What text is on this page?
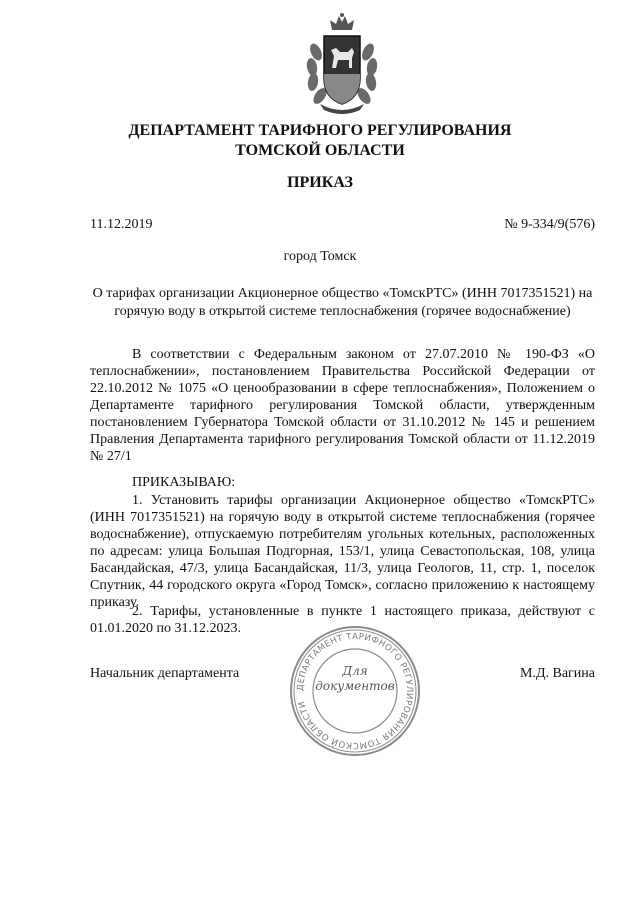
ДЕПАРТАМЕНТ ТАРИФНОГО РЕГУЛИРОВАНИЯ
ТОМСКОЙ ОБЛАСТИ
ПРИКАЗ
11.12.2019	№ 9-334/9(576)
город Томск
О тарифах организации Акционерное общество «ТомскРТС» (ИНН 7017351521) на горячую воду в открытой системе теплоснабжения (горячее водоснабжение)

В соответствии с Федеральным законом от 27.07.2010 № 190-ФЗ «О теплоснабжении», постановлением Правительства Российской Федерации от 22.10.2012 № 1075 «О ценообразовании в сфере теплоснабжения», Положением о Департаменте тарифного регулирования Томской области, утвержденным постановлением Губернатора Томской области от 31.10.2012 № 145 и решением Правления Департамента тарифного регулирования Томской области от 11.12.2019 № 27/1

ПРИКАЗЫВАЮ:

1. Установить тарифы организации Акционерное общество «ТомскРТС» (ИНН 7017351521) на горячую воду в открытой системе теплоснабжения (горячее водоснабжение), отпускаемую потребителям угольных котельных, расположенных по адресам: улица Большая Подгорная, 153/1, улица Севастопольская, 108, улица Басандайская, 47/3, улица Басандайская, 11/3, улица Геологов, 11, стр. 1, поселок Спутник, 44 городского округа «Город Томск», согласно приложению к настоящему приказу.

2. Тарифы, установленные в пункте 1 настоящего приказа, действуют с 01.01.2020 по 31.12.2023.

Начальник департамента	М.Д. Вагина
ДЕПАРТАМЕНТ ТАРИФНОГО РЕГУЛИРОВАНИЯ ТОМСКОЙ ОБЛАСТИ
Для
документов
